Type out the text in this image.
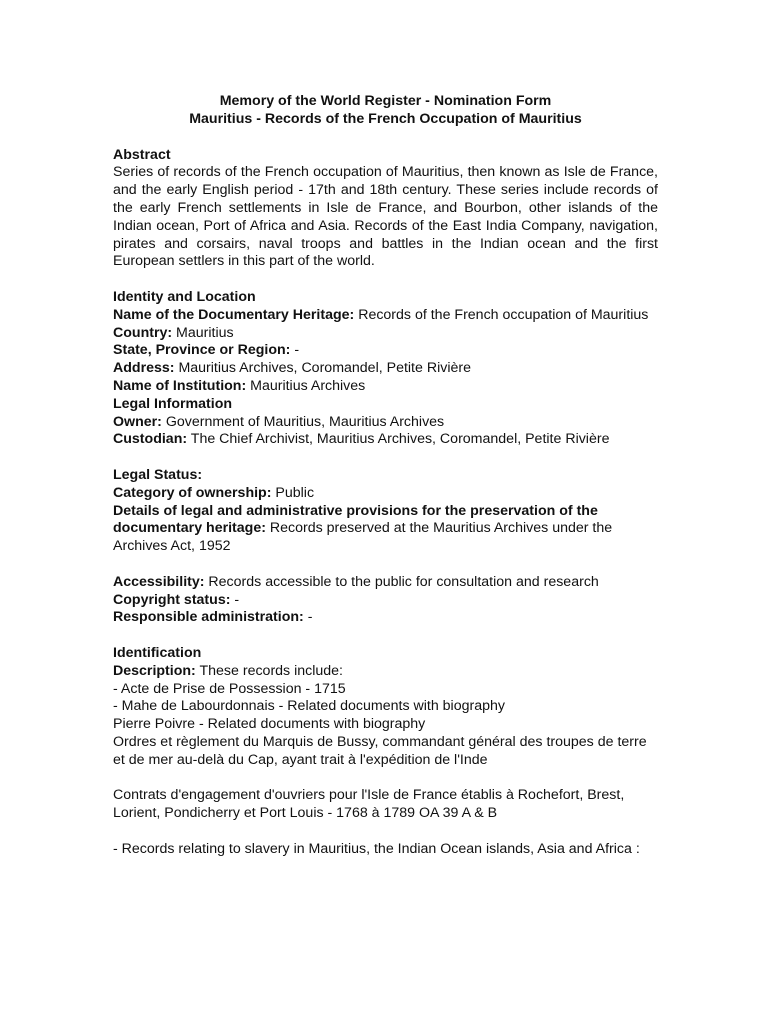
Memory of the World Register - Nomination Form

Mauritius - Records of the French Occupation of Mauritius

Abstract

Series of records of the French occupation of Mauritius, then known as Isle de France, and the early English period - 17th and 18th century. These series include records of the early French settlements in Isle de France, and Bourbon, other islands of the Indian ocean, Port of Africa and Asia. Records of the East India Company, navigation, pirates and corsairs, naval troops and battles in the Indian ocean and the first European settlers in this part of the world.

Identity and Location

Name of the Documentary Heritage: Records of the French occupation of Mauritius

Country: Mauritius

State, Province or Region: -

Address: Mauritius Archives, Coromandel, Petite Rivière

Name of Institution: Mauritius Archives

Legal Information

Owner: Government of Mauritius, Mauritius Archives

Custodian: The Chief Archivist, Mauritius Archives, Coromandel, Petite Rivière

Legal Status:

Category of ownership: Public

Details of legal and administrative provisions for the preservation of the documentary heritage: Records preserved at the Mauritius Archives under the Archives Act, 1952

Accessibility: Records accessible to the public for consultation and research

Copyright status: -

Responsible administration: -

Identification

Description: These records include:

- Acte de Prise de Possession - 1715

- Mahe de Labourdonnais - Related documents with biography

Pierre Poivre - Related documents with biography

Ordres et règlement du Marquis de Bussy, commandant général des troupes de terre et de mer au-delà du Cap, ayant trait à l'expédition de l'Inde

Contrats d'engagement d'ouvriers pour l'Isle de France établis à Rochefort, Brest, Lorient, Pondicherry et Port Louis - 1768 à 1789 OA 39 A & B

- Records relating to slavery in Mauritius, the Indian Ocean islands, Asia and Africa :
